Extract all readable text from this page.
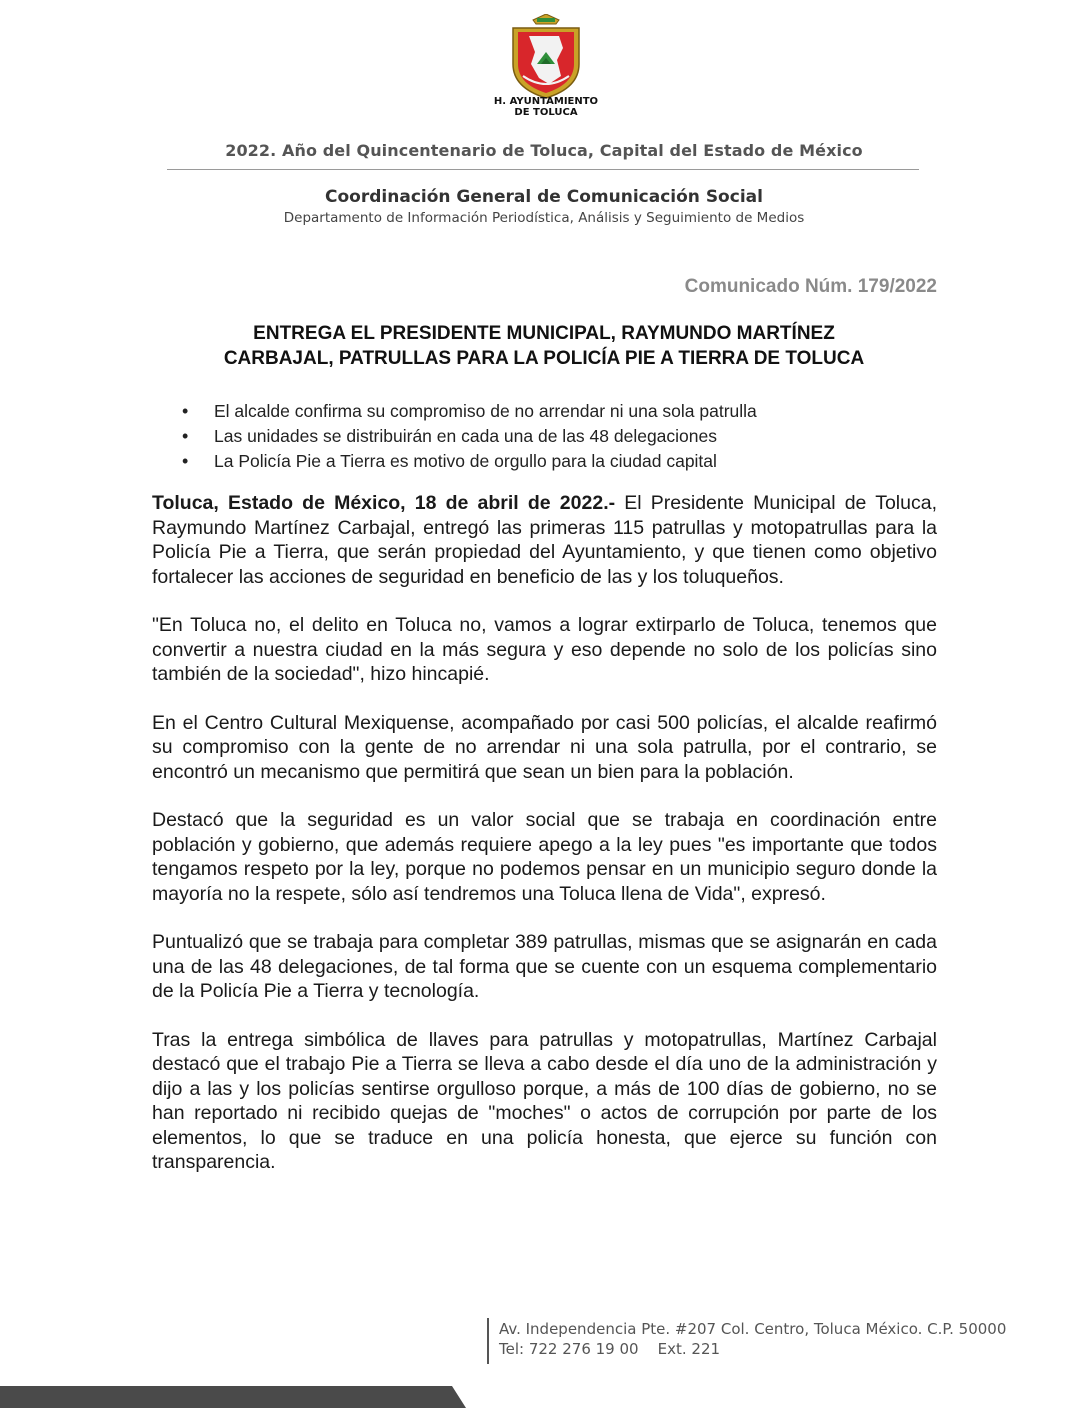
H. AYUNTAMIENTO
DE TOLUCA
2022. Año del Quincentenario de Toluca, Capital del Estado de México
Coordinación General de Comunicación Social
Departamento de Información Periodística, Análisis y Seguimiento de Medios
Comunicado Núm. 179/2022
ENTREGA EL PRESIDENTE MUNICIPAL, RAYMUNDO MARTÍNEZ
CARBAJAL, PATRULLAS PARA LA POLICÍA PIE A TIERRA DE TOLUCA
• El alcalde confirma su compromiso de no arrendar ni una sola patrulla
• Las unidades se distribuirán en cada una de las 48 delegaciones
• La Policía Pie a Tierra es motivo de orgullo para la ciudad capital

Toluca, Estado de México, 18 de abril de 2022.- El Presidente Municipal de Toluca, Raymundo Martínez Carbajal, entregó las primeras 115 patrullas y motopatrullas para la Policía Pie a Tierra, que serán propiedad del Ayuntamiento, y que tienen como objetivo fortalecer las acciones de seguridad en beneficio de las y los toluqueños.

"En Toluca no, el delito en Toluca no, vamos a lograr extirparlo de Toluca, tenemos que convertir a nuestra ciudad en la más segura y eso depende no solo de los policías sino también de la sociedad", hizo hincapié.

En el Centro Cultural Mexiquense, acompañado por casi 500 policías, el alcalde reafirmó su compromiso con la gente de no arrendar ni una sola patrulla, por el contrario, se encontró un mecanismo que permitirá que sean un bien para la población.

Destacó que la seguridad es un valor social que se trabaja en coordinación entre población y gobierno, que además requiere apego a la ley pues "es importante que todos tengamos respeto por la ley, porque no podemos pensar en un municipio seguro donde la mayoría no la respete, sólo así tendremos una Toluca llena de Vida", expresó.

Puntualizó que se trabaja para completar 389 patrullas, mismas que se asignarán en cada una de las 48 delegaciones, de tal forma que se cuente con un esquema complementario de la Policía Pie a Tierra y tecnología.

Tras la entrega simbólica de llaves para patrullas y motopatrullas, Martínez Carbajal destacó que el trabajo Pie a Tierra se lleva a cabo desde el día uno de la administración y dijo a las y los policías sentirse orgulloso porque, a más de 100 días de gobierno, no se han reportado ni recibido quejas de "moches" o actos de corrupción por parte de los elementos, lo que se traduce en una policía honesta, que ejerce su función con transparencia.

Av. Independencia Pte. #207 Col. Centro, Toluca México. C.P. 50000
Tel: 722 276 19 00    Ext. 221
